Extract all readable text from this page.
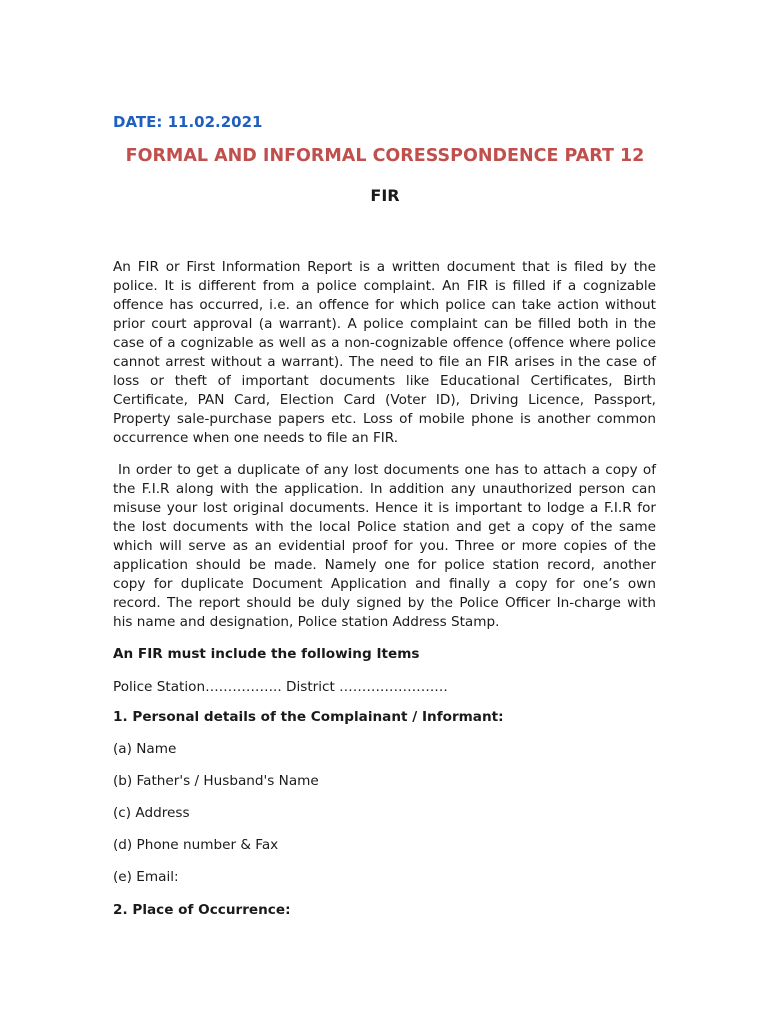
DATE: 11.02.2021
FORMAL AND INFORMAL CORESSPONDENCE PART 12
FIR

An FIR or First Information Report is a written document that is filed by the police. It is different from a police complaint. An FIR is filled if a cognizable offence has occurred, i.e. an offence for which police can take action without prior court approval (a warrant). A police complaint can be filled both in the case of a cognizable as well as a non-cognizable offence (offence where police cannot arrest without a warrant). The need to file an FIR arises in the case of loss or theft of important documents like Educational Certificates, Birth Certificate, PAN Card, Election Card (Voter ID), Driving Licence, Passport, Property sale-purchase papers etc. Loss of mobile phone is another common occurrence when one needs to file an FIR.

In order to get a duplicate of any lost documents one has to attach a copy of the F.I.R along with the application. In addition any unauthorized person can misuse your lost original documents. Hence it is important to lodge a F.I.R for the lost documents with the local Police station and get a copy of the same which will serve as an evidential proof for you. Three or more copies of the application should be made. Namely one for police station record, another copy for duplicate Document Application and finally a copy for one’s own record. The report should be duly signed by the Police Officer In-charge with his name and designation, Police station Address Stamp.

An FIR must include the following Items

Police Station…………….. District ……………………

1. Personal details of the Complainant / Informant:

(a) Name

(b) Father's / Husband's Name

(c) Address

(d) Phone number & Fax

(e) Email:

2. Place of Occurrence:
